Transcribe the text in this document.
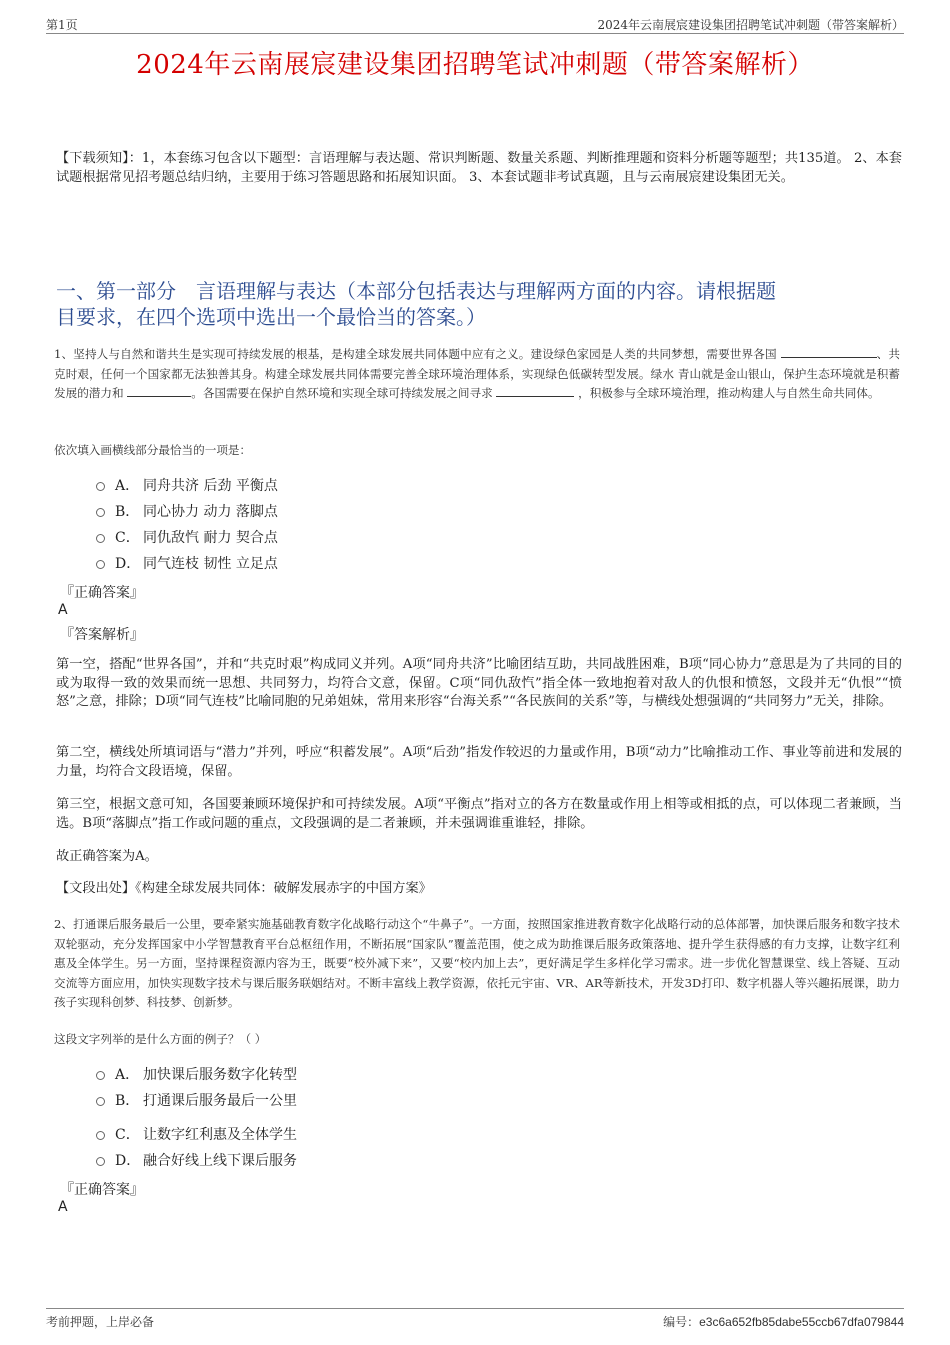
第1页	2024年云南展宸建设集团招聘笔试冲刺题（带答案解析）
2024年云南展宸建设集团招聘笔试冲刺题（带答案解析）
【下载须知】：1，本套练习包含以下题型：言语理解与表达题、常识判断题、数量关系题、判断推理题和资料分析题等题型；共135道。 2、本套试题根据常见招考题总结归纳，主要用于练习答题思路和拓展知识面。 3、本套试题非考试真题，且与云南展宸建设集团无关。
一、第一部分　言语理解与表达（本部分包括表达与理解两方面的内容。请根据题
目要求，在四个选项中选出一个最恰当的答案。）
1、坚持人与自然和谐共生是实现可持续发展的根基，是构建全球发展共同体题中应有之义。建设绿色家园是人类的共同梦想，需要世界各国	、共克时艰，任何一个国家都无法独善其身。构建全球发展共同体需要完善全球环境治理体系，实现绿色低碳转型发展。绿水 青山就是金山银山，保护生态环境就是积蓄发展的潜力和	。各国需要在保护自然环境和实现全球可持续发展之间寻求	，积极参与全球环境治理，推动构建人与自然生命共同体。
依次填入画横线部分最恰当的一项是：
A． 同舟共济 后劲 平衡点
B． 同心协力 动力 落脚点
C． 同仇敌忾 耐力 契合点
D． 同气连枝 韧性 立足点
『正确答案』
A
『答案解析』
第一空，搭配“世界各国”，并和“共克时艰”构成同义并列。A项“同舟共济”比喻团结互助，共同战胜困难，B项“同心协力”意思是为了共同的目的或为取得一致的效果而统一思想、共同努力，均符合文意，保留。C项“同仇敌忾”指全体一致地抱着对敌人的仇恨和愤怒，文段并无“仇恨”“愤怒”之意，排除；D项“同气连枝”比喻同胞的兄弟姐妹，常用来形容“台海关系”“各民族间的关系”等，与横线处想强调的“共同努力”无关，排除。
第二空，横线处所填词语与“潜力”并列，呼应“积蓄发展”。A项“后劲”指发作较迟的力量或作用，B项“动力”比喻推动工作、事业等前进和发展的力量，均符合文段语境，保留。
第三空，根据文意可知，各国要兼顾环境保护和可持续发展。A项“平衡点”指对立的各方在数量或作用上相等或相抵的点，可以体现二者兼顾，当选。B项“落脚点”指工作或问题的重点，文段强调的是二者兼顾，并未强调谁重谁轻，排除。
故正确答案为A。
【文段出处】《构建全球发展共同体：破解发展赤字的中国方案》
2、打通课后服务最后一公里，要牵紧实施基础教育数字化战略行动这个“牛鼻子”。一方面，按照国家推进教育数字化战略行动的总体部署，加快课后服务和数字技术双轮驱动，充分发挥国家中小学智慧教育平台总枢纽作用，不断拓展“国家队”覆盖范围，使之成为助推课后服务政策落地、提升学生获得感的有力支撑，让数字红利惠及全体学生。另一方面，坚持课程资源内容为王，既要“校外减下来”，又要“校内加上去”，更好满足学生多样化学习需求。进一步优化智慧课堂、线上答疑、互动交流等方面应用，加快实现数字技术与课后服务联姻结对。不断丰富线上教学资源，依托元宇宙、VR、AR等新技术，开发3D打印、数字机器人等兴趣拓展课，助力孩子实现科创梦、科技梦、创新梦。
这段文字列举的是什么方面的例子？（ ）
A． 加快课后服务数字化转型
B． 打通课后服务最后一公里
C． 让数字红利惠及全体学生
D． 融合好线上线下课后服务
『正确答案』
A
考前押题，上岸必备	编号：e3c6a652fb85dabe55ccb67dfa079844
